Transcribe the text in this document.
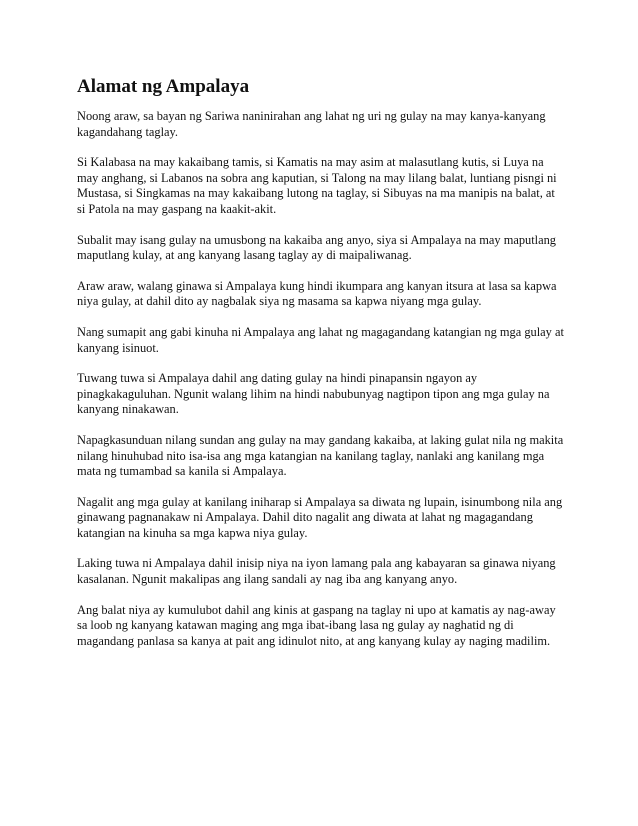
Alamat ng Ampalaya

Noong araw, sa bayan ng Sariwa naninirahan ang lahat ng uri ng gulay na may kanya-kanyang kagandahang taglay.

Si Kalabasa na may kakaibang tamis, si Kamatis na may asim at malasutlang kutis, si Luya na may anghang, si Labanos na sobra ang kaputian, si Talong na may lilang balat, luntiang pisngi ni Mustasa, si Singkamas na may kakaibang lutong na taglay, si Sibuyas na ma manipis na balat, at si Patola na may gaspang na kaakit-akit.

Subalit may isang gulay na umusbong na kakaiba ang anyo, siya si Ampalaya na may maputlang maputlang kulay, at ang kanyang lasang taglay ay di maipaliwanag.

Araw araw, walang ginawa si Ampalaya kung hindi ikumpara ang kanyan itsura at lasa sa kapwa niya gulay, at dahil dito ay nagbalak siya ng masama sa kapwa niyang mga gulay.

Nang sumapit ang gabi kinuha ni Ampalaya ang lahat ng magagandang katangian ng mga gulay at kanyang isinuot.

Tuwang tuwa si Ampalaya dahil ang dating gulay na hindi pinapansin ngayon ay pinagkakaguluhan. Ngunit walang lihim na hindi nabubunyag nagtipon tipon ang mga gulay na kanyang ninakawan.

Napagkasunduan nilang sundan ang gulay na may gandang kakaiba, at laking gulat nila ng makita nilang hinuhubad nito isa-isa ang mga katangian na kanilang taglay, nanlaki ang kanilang mga mata ng tumambad sa kanila si Ampalaya.

Nagalit ang mga gulay at kanilang iniharap si Ampalaya sa diwata ng lupain, isinumbong nila ang ginawang pagnanakaw ni Ampalaya. Dahil dito nagalit ang diwata at lahat ng magagandang katangian na kinuha sa mga kapwa niya gulay.

Laking tuwa ni Ampalaya dahil inisip niya na iyon lamang pala ang kabayaran sa ginawa niyang kasalanan. Ngunit makalipas ang ilang sandali ay nag iba ang kanyang anyo.

Ang balat niya ay kumulubot dahil ang kinis at gaspang na taglay ni upo at kamatis ay nag-away sa loob ng kanyang katawan maging ang mga ibat-ibang lasa ng gulay ay naghatid ng di magandang panlasa sa kanya at pait ang idinulot nito, at ang kanyang kulay ay naging madilim.
